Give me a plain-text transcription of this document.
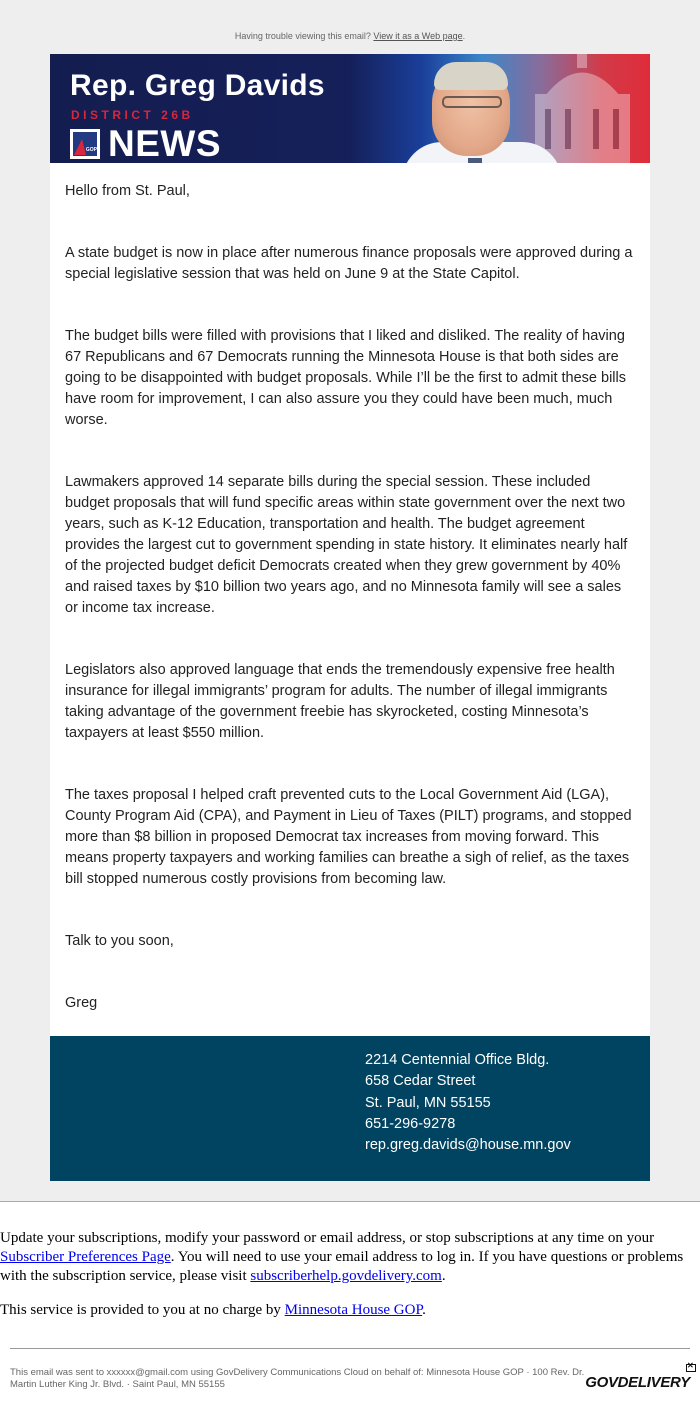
Having trouble viewing this email? View it as a Web page.
Rep. Greg Davids
DISTRICT 26B
GOP NEWS

Hello from St. Paul,

A state budget is now in place after numerous finance proposals were approved during a special legislative session that was held on June 9 at the State Capitol.

The budget bills were filled with provisions that I liked and disliked. The reality of having 67 Republicans and 67 Democrats running the Minnesota House is that both sides are going to be disappointed with budget proposals. While I’ll be the first to admit these bills have room for improvement, I can also assure you they could have been much, much worse.

Lawmakers approved 14 separate bills during the special session. These included budget proposals that will fund specific areas within state government over the next two years, such as K-12 Education, transportation and health. The budget agreement provides the largest cut to government spending in state history. It eliminates nearly half of the projected budget deficit Democrats created when they grew government by 40% and raised taxes by $10 billion two years ago, and no Minnesota family will see a sales or income tax increase.

Legislators also approved language that ends the tremendously expensive free health insurance for illegal immigrants’ program for adults. The number of illegal immigrants taking advantage of the government freebie has skyrocketed, costing Minnesota’s taxpayers at least $550 million.

The taxes proposal I helped craft prevented cuts to the Local Government Aid (LGA), County Program Aid (CPA), and Payment in Lieu of Taxes (PILT) programs, and stopped more than $8 billion in proposed Democrat tax increases from moving forward. This means property taxpayers and working families can breathe a sigh of relief, as the taxes bill stopped numerous costly provisions from becoming law.

Talk to you soon,

Greg

2214 Centennial Office Bldg.
658 Cedar Street
St. Paul, MN 55155
651-296-9278
rep.greg.davids@house.mn.gov

Update your subscriptions, modify your password or email address, or stop subscriptions at any time on your Subscriber Preferences Page. You will need to use your email address to log in. If you have questions or problems with the subscription service, please visit subscriberhelp.govdelivery.com.

This service is provided to you at no charge by Minnesota House GOP.

This email was sent to xxxxxx@gmail.com using GovDelivery Communications Cloud on behalf of: Minnesota House GOP · 100 Rev. Dr. Martin Luther King Jr. Blvd. · Saint Paul, MN 55155	GOVDELIVERY
✕
